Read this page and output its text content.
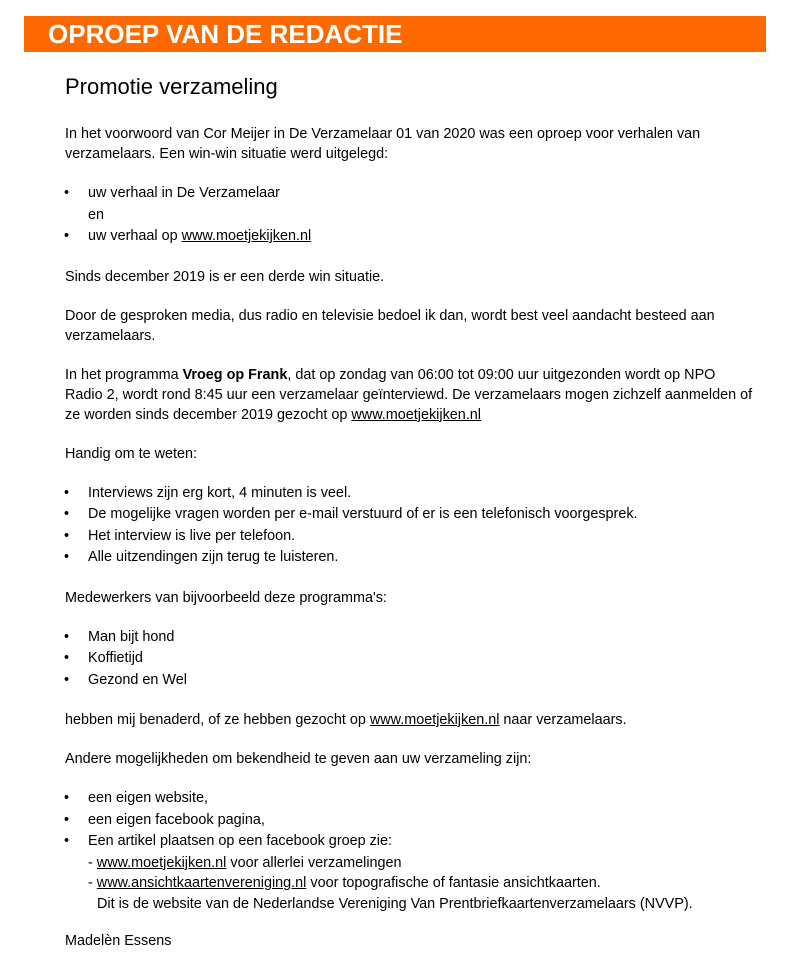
OPROEP VAN DE REDACTIE
Promotie verzameling

In het voorwoord van Cor Meijer in De Verzamelaar 01 van 2020 was een oproep voor verhalen van verzamelaars. Een win-win situatie werd uitgelegd:

• uw verhaal in De Verzamelaar
en
• uw verhaal op www.moetjekijken.nl

Sinds december 2019 is er een derde win situatie.

Door de gesproken media, dus radio en televisie bedoel ik dan, wordt best veel aandacht besteed aan verzamelaars.

In het programma Vroeg op Frank, dat op zondag van 06:00 tot 09:00 uur uitgezonden wordt op NPO Radio 2, wordt rond 8:45 uur een verzamelaar geïnterviewd. De verzamelaars mogen zichzelf aanmelden of ze worden sinds december 2019 gezocht op www.moetjekijken.nl

Handig om te weten:

• Interviews zijn erg kort, 4 minuten is veel.
• De mogelijke vragen worden per e-mail verstuurd of er is een telefonisch voorgesprek.
• Het interview is live per telefoon.
• Alle uitzendingen zijn terug te luisteren.

Medewerkers van bijvoorbeeld deze programma's:

• Man bijt hond
• Koffietijd
• Gezond en Wel

hebben mij benaderd, of ze hebben gezocht op www.moetjekijken.nl naar verzamelaars.

Andere mogelijkheden om bekendheid te geven aan uw verzameling zijn:

• een eigen website,
• een eigen facebook pagina,
• Een artikel plaatsen op een facebook groep zie:
- www.moetjekijken.nl voor allerlei verzamelingen
- www.ansichtkaartenvereniging.nl voor topografische of fantasie ansichtkaarten.
Dit is de website van de Nederlandse Vereniging Van Prentbriefkaartenverzamelaars (NVVP).

Madelèn Essens
